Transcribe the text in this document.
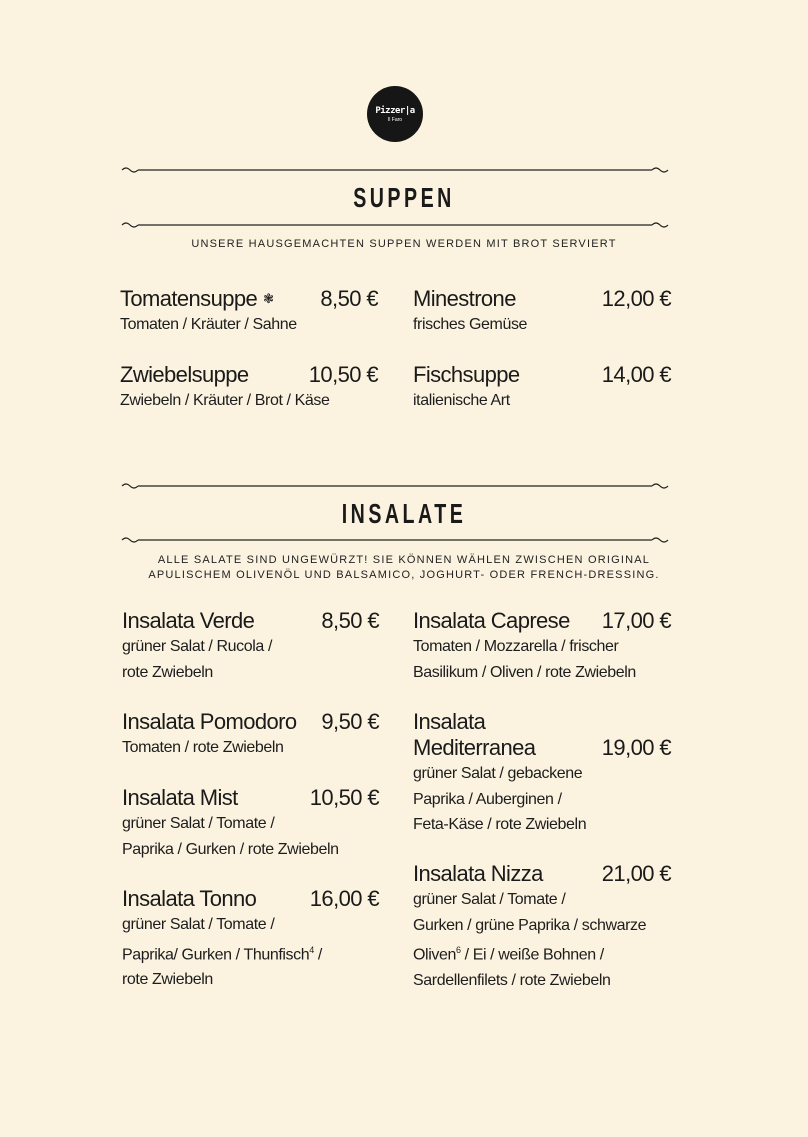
Pizzer|a
Il Faro
SUPPEN
UNSERE HAUSGEMACHTEN SUPPEN WERDEN MIT BROT SERVIERT
Tomatensuppe ❃ 8,50 €
Tomaten / Kräuter / Sahne
Zwiebelsuppe	10,50 €
Zwiebeln / Kräuter / Brot / Käse
Minestrone	12,00 €
frisches Gemüse
Fischsuppe	14,00 €
italienische Art
INSALATE
ALLE SALATE SIND UNGEWÜRZT! SIE KÖNNEN WÄHLEN ZWISCHEN ORIGINAL
APULISCHEM OLIVENÖL UND BALSAMICO, JOGHURT- ODER FRENCH-DRESSING.
Insalata Verde	8,50 €
grüner Salat / Rucola /
rote Zwiebeln
Insalata Pomodoro 9,50 €
Tomaten / rote Zwiebeln
Insalata Mist	10,50 €
grüner Salat / Tomate /
Paprika / Gurken / rote Zwiebeln
Insalata Tonno 16,00 €
grüner Salat / Tomate /
Paprika/ Gurken / Thunfisch$^4$ /
rote Zwiebeln
Insalata Caprese 17,00 €
Tomaten / Mozzarella / frischer
Basilikum / Oliven / rote Zwiebeln
Insalata
Mediterranea	19,00 €
grüner Salat / gebackene
Paprika / Auberginen /
Feta-Käse / rote Zwiebeln
Insalata Nizza	21,00 €
grüner Salat / Tomate /
Gurken / grüne Paprika / schwarze
Oliven$^6$ / Ei / weiße Bohnen /
Sardellenfilets / rote Zwiebeln
